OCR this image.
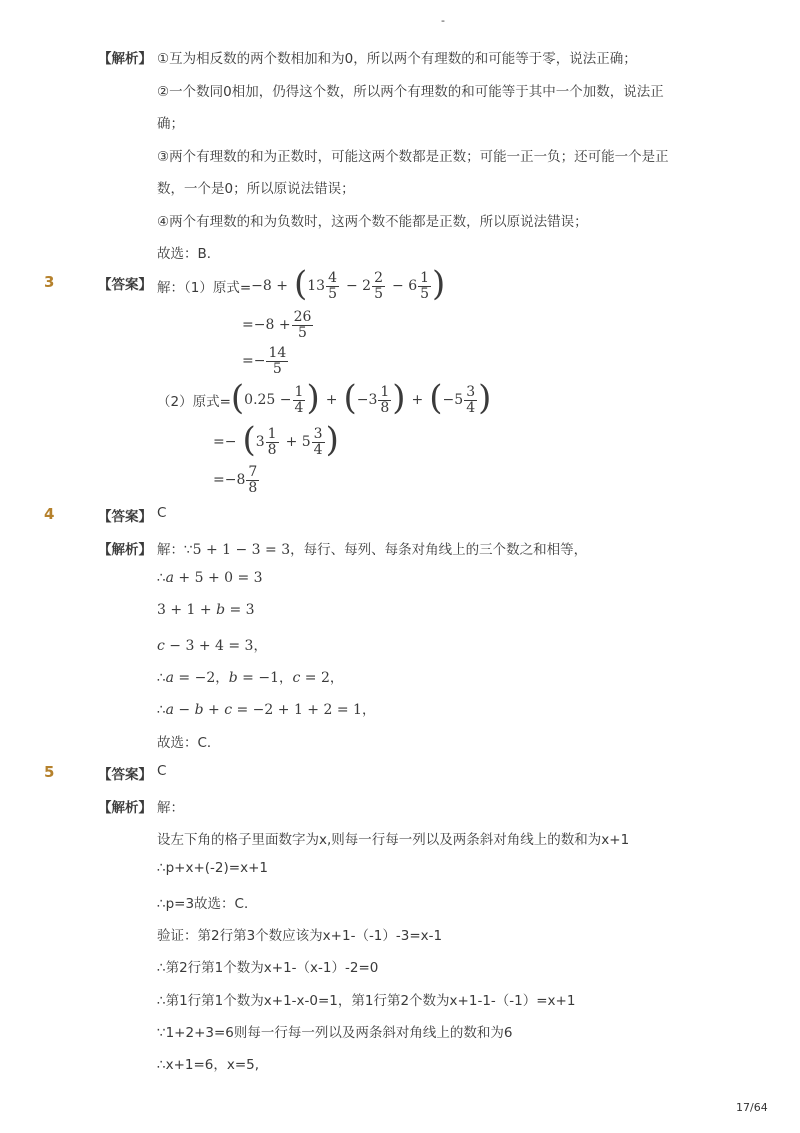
-
【解析】 ①互为相反数的两个数相加和为0，所以两个有理数的和可能等于零，说法正确；
②一个数同0相加，仍得这个数，所以两个有理数的和可能等于其中一个加数，说法正
确；
③两个有理数的和为正数时，可能这两个数都是正数；可能一正一负；还可能一个是正
数，一个是0；所以原说法错误；
④两个有理数的和为负数时，这两个数不能都是正数，所以原说法错误；
故选：B．
3	【答案】 解：（1）原式= −8 + ( $13 \frac{4}{5} - 2 \frac{2}{5} - 6 \frac{1}{5}$ )
$=-8 + \frac{26}{5}$
=− $\frac{14}{5}$
（2）原式= ( $0.25 - \frac{1}{4}$ ) + ( $-3 \frac{1}{8}$ ) + ( $-5 \frac{3}{4}$ )
=− ( $3 \frac{1}{8} + 5 \frac{3}{4}$ )
$=-8 \frac{7}{8}$
4	【答案】 C
【解析】 解：∵5 + 1 − 3 = 3，每行、每列、每条对角线上的三个数之和相等，
∴a + 5 + 0 = 3
3 + 1 + b = 3
c − 3 + 4 = 3，
∴a = −2，b = −1，c = 2，
∴a − b + c = −2 + 1 + 2 = 1，
故选：C．
5	【答案】 C
【解析】 解：
设左下角的格子里面数字为x,则每一行每一列以及两条斜对角线上的数和为x+1
∴p+x+(-2)=x+1
∴p=3故选：C．
验证：第2行第3个数应该为x+1-（-1）-3=x-1
∴第2行第1个数为x+1-（x-1）-2=0
∴第1行第1个数为x+1-x-0=1，第1行第2个数为x+1-1-（-1）=x+1
∵1+2+3=6则每一行每一列以及两条斜对角线上的数和为6
∴x+1=6，x=5,
17/64
